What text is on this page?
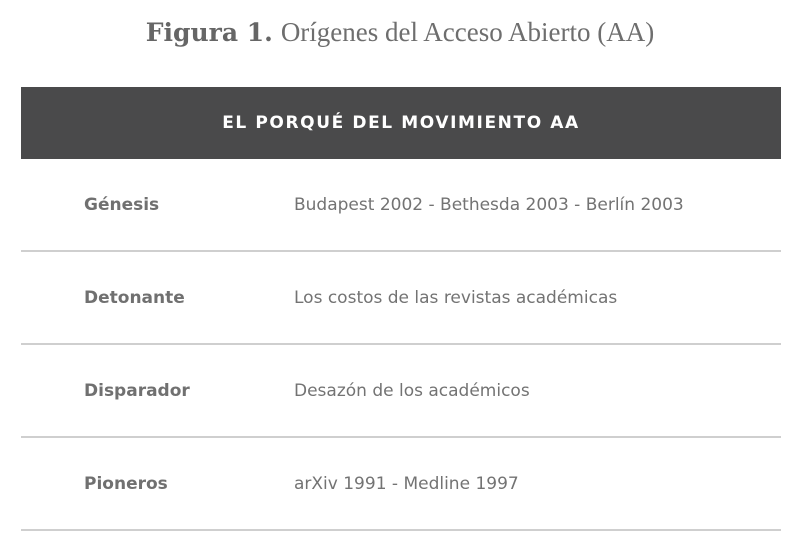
Figura 1. Orígenes del Acceso Abierto (AA)
EL PORQUÉ DEL MOVIMIENTO AA
Génesis	Budapest 2002 - Bethesda 2003 - Berlín 2003
Detonante	Los costos de las revistas académicas
Disparador	Desazón de los académicos
Pioneros	arXiv 1991 - Medline 1997
